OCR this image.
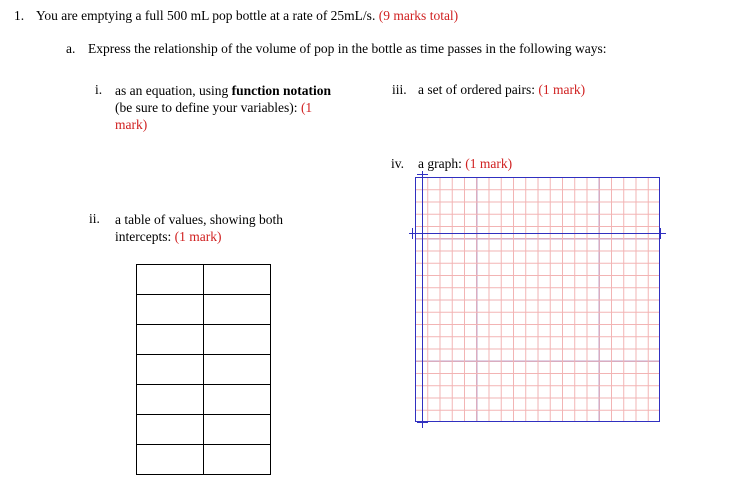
1. You are emptying a full 500 mL pop bottle at a rate of 25mL/s. (9 marks total)
a. Express the relationship of the volume of pop in the bottle as time passes in the following ways:
i. as an equation, using function notation (be sure to define your variables): (1 mark)
ii. a table of values, showing both intercepts: (1 mark)
iii. a set of ordered pairs: (1 mark)
iv. a graph: (1 mark)
